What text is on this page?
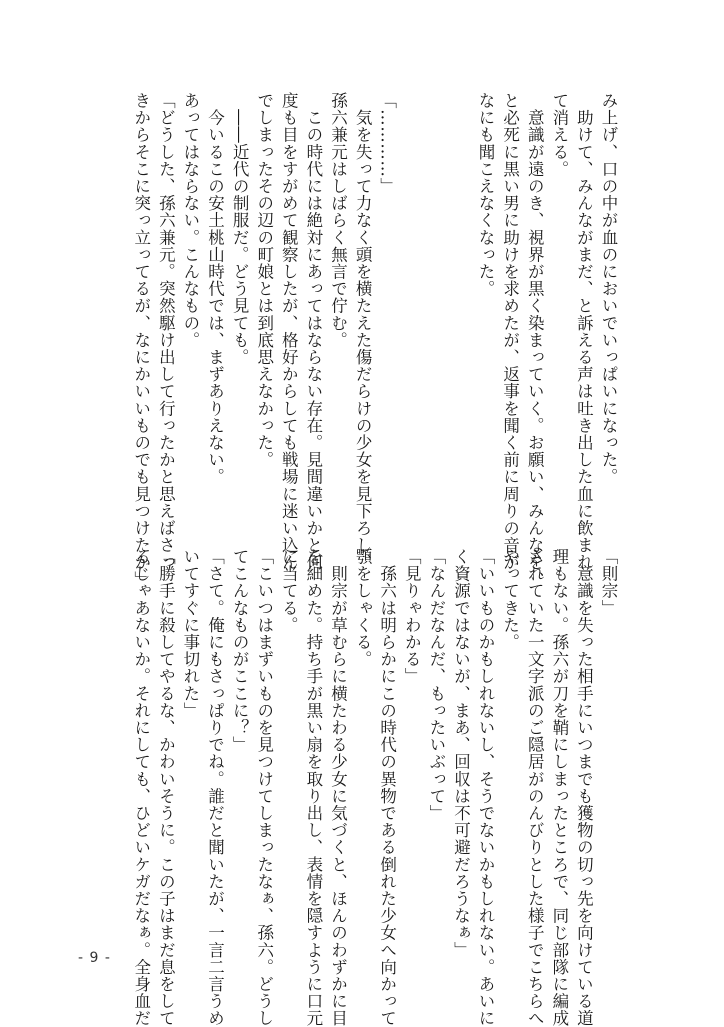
み上げ、口の中が血のにおいでいっぱいになった。
　助けて、みんながまだ、と訴える声は吐き出した血に飲まれ
て消える。
　意識が遠のき、視界が黒く染まっていく。お願い、みんなを、
と必死に黒い男に助けを求めたが、返事を聞く前に周りの音が
なにも聞こえなくなった。

「…………」
　気を失って力なく頭を横たえた傷だらけの少女を見下ろし、
孫六兼元はしばらく無言で佇む。
　この時代には絶対にあってはならない存在。見間違いかと何
度も目をすがめて観察したが、格好からしても戦場に迷い込ん
でしまったその辺の町娘とは到底思えなかった。
　――近代の制服だ。どう見ても。
　今いるこの安土桃山時代では、まずありえない。
あってはならない。こんなもの。
「どうした、孫六兼元。突然駆け出して行ったかと思えばさっ
きからそこに突っ立ってるが、なにかいいものでも見つけたか」	「則宗」
　意識を失った相手にいつまでも獲物の切っ先を向けている道
理もない。孫六が刀を鞘にしまったところで、同じ部隊に編成
されていた一文字派のご隠居がのんびりとした様子でこちらへ
やってきた。
「いいものかもしれないし、そうでないかもしれない。あいに
く資源ではないが、まあ、回収は不可避だろうなぁ」
「なんだなんだ、もったいぶって」
「見りゃわかる」
　孫六は明らかにこの時代の異物である倒れた少女へ向かって
顎をしゃくる。
　則宗が草むらに横たわる少女に気づくと、ほんのわずかに目
を細めた。持ち手が黒い扇を取り出し、表情を隠すように口元
に当てる。
「こいつはまずいものを見つけてしまったなぁ、孫六。どうし
てこんなものがここに？」
「さて。俺にもさっぱりでね。誰だと聞いたが、一言二言うめ
いてすぐに事切れた」
「勝手に殺してやるな、かわいそうに。この子はまだ息をして
るじゃあないか。それにしても、ひどいケガだなぁ。全身血だ
- 9 -
